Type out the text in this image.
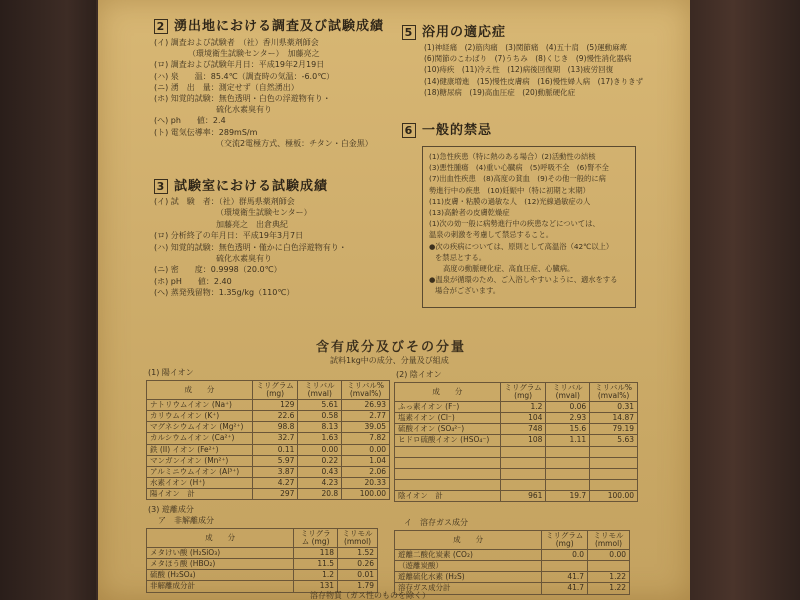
2 湧出地における調査及び試験成績
(イ) 調査および試験者　（社）香川県薬剤師会
（環境衛生試験センター）　加藤亮之
(ロ) 調査および試験年月日：平成19年2月19日
(ハ) 泉　　温：85.4℃（調査時の気温：-6.0℃）
(ニ) 湧　出　量：測定せず（自然湧出）
(ホ) 知覚的試験：無色透明・白色の浮遊物有り・
硫化水素臭有り
(ヘ) ph　　値：2.4
(ト) 電気伝導率：289mS/m
（交流2電極方式、極板：チタン・白金黒）
3 試験室における試験成績
(イ) 試　験　者：（社）群馬県薬剤師会
（環境衛生試験センター）
加藤亮之　出倉典紀
(ロ) 分析終了の年月日：平成19年3月7日
(ハ) 知覚的試験：無色透明・僅かに白色浮遊物有り・
硫化水素臭有り
(ニ) 密　　度：0.9998（20.0℃）
(ホ) pH　　値：2.40
(ヘ) 蒸発残留物：1.35g/kg（110℃）
5 浴用の適応症
(1)神経痛　(2)筋肉痛　(3)関節痛　(4)五十肩　(5)運動麻痺
(6)関節のこわばり　(7)うちみ　(8)くじき　(9)慢性消化器病
(10)痔疾　(11)冷え性　(12)病後回復期　(13)疲労回復
(14)健康増進　(15)慢性皮膚病　(16)慢性婦人病　(17)きりきず
(18)糖尿病　(19)高血圧症　(20)動脈硬化症
6 一般的禁忌
(1)急性疾患（特に熱のある場合）(2)活動性の結核
(3)悪性腫瘍　(4)重い心臓病　(5)呼吸不全　(6)腎不全
(7)出血性疾患　(8)高度の貧血　(9)その他一般的に病
勢進行中の疾患　(10)妊娠中（特に初期と末期）
(11)皮膚・粘膜の過敏な人　(12)光線過敏症の人
(13)高齢者の皮膚乾燥症
(1)次の効一般に病勢進行中の疾患などについては、
温泉の刺激を考慮して禁忌すること。
●次の疾病については、原則として高温浴（42℃以上）
を禁忌とする。
高度の動脈硬化症、高血圧症、心臓病。
●温泉が循環のため、ご入浴しやすいように、適水をする
場合がございます。
含有成分及びその分量
試料1kg中の成分、分量及び組成
(1) 陽イオン	(2) 陰イオン
成　　分	ミリグラム (mg)	ミリバル (mval)	ミリバル% (mval%)
ナトリウムイオン (Na⁺)	129	5.61	26.93
カリウムイオン (K⁺)	22.6	0.58	2.77
マグネシウムイオン (Mg²⁺)	98.8	8.13	39.05
カルシウムイオン (Ca²⁺)	32.7	1.63	7.82
鉄 (II) イオン (Fe²⁺)	0.11	0.00	0.00
マンガンイオン (Mn²⁺)	5.97	0.22	1.04
アルミニウムイオン (Al³⁺)	3.87	0.43	2.06
水素イオン (H⁺)	4.27	4.23	20.33
陽イオン　計	297	20.8	100.00
成　　分	ミリグラム (mg)	ミリバル (mval)	ミリバル% (mval%)
ふっ素イオン (F⁻)	1.2	0.06	0.31
塩素イオン (Cl⁻)	104	2.93	14.87
硫酸イオン (SO₄²⁻)	748	15.6	79.19
ヒドロ硫酸イオン (HSO₄⁻)	108	1.11	5.63

陰イオン　計	961	19.7	100.00
(3) 遊離成分
ア　非解離成分	イ　溶存ガス成分
成　　分	ミリグラム (mg)	ミリモル (mmol)
メタけい酸 (H₂SiO₃)	118	1.52
メタほう酸 (HBO₂)	11.5	0.26
硫酸 (H₂SO₄)	1.2	0.01
非解離成分計	131	1.79
成　　分	ミリグラム (mg)	ミリモル (mmol)
遊離二酸化炭素 (CO₂)	0.0	0.00
（遊離炭酸）		
遊離硫化水素 (H₂S)	41.7	1.22
溶存ガス成分計	41.7	1.22
溶存物質（ガス性のものを除く）
